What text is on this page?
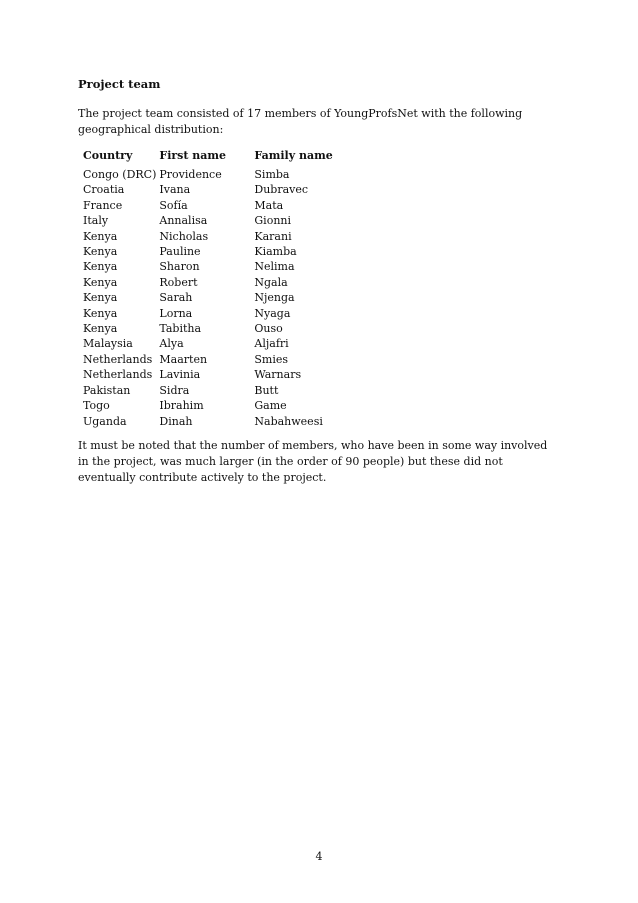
Project team

The project team consisted of 17 members of YoungProfsNet with the following geographical distribution:

Country	First name	Family name
Congo (DRC)	Providence	Simba
Croatia	Ivana	Dubravec
France	Sofía	Mata
Italy	Annalisa	Gionni
Kenya	Nicholas	Karani
Kenya	Pauline	Kiamba
Kenya	Sharon	Nelima
Kenya	Robert	Ngala
Kenya	Sarah	Njenga
Kenya	Lorna	Nyaga
Kenya	Tabitha	Ouso
Malaysia	Alya	Aljafri
Netherlands	Maarten	Smies
Netherlands	Lavinia	Warnars
Pakistan	Sidra	Butt
Togo	Ibrahim	Game
Uganda	Dinah	Nabahweesi

It must be noted that the number of members, who have been in some way involved in the project, was much larger (in the order of 90 people) but these did not eventually contribute actively to the project.

4
